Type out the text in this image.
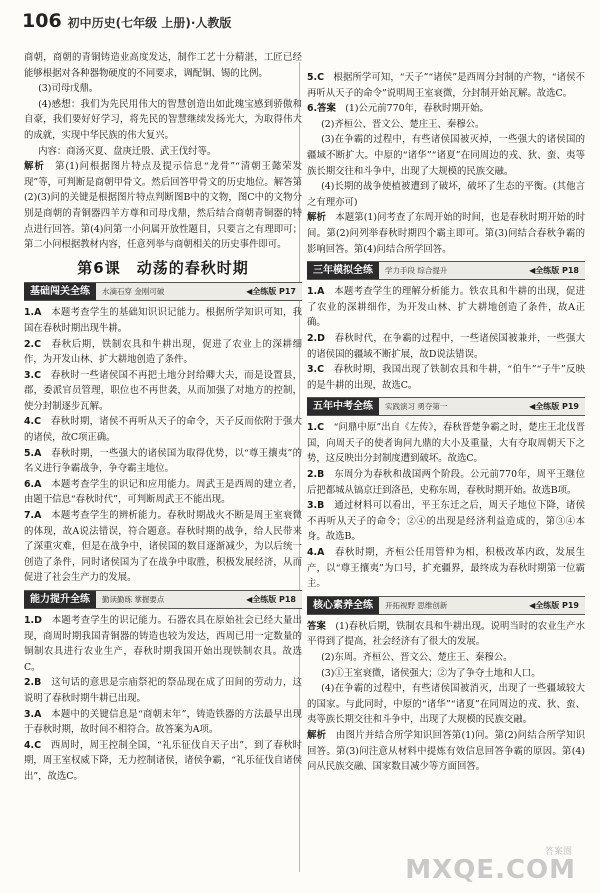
106 初中历史(七年级 上册)·人教版

商朝，商朝的青铜铸造业高度发达，制作工艺十分精湛，工匠已经能够根据对各种器物硬度的不同要求，调配铜、锡的比例。

(3)司母戊鼎。

(4)感想：我们为先民用伟大的智慧创造出如此瑰宝感到骄傲和自豪，我们要好好学习，将先民的智慧继续发扬光大，为取得伟大的成就，实现中华民族的伟大复兴。

内容：商汤灭夏、盘庚迁殷、武王伐纣等。

解析　 第(1)问根据图片特点及提示信息“龙骨”“清朝王懿荣发现”等，可判断是商朝甲骨文。然后回答甲骨文的历史地位。解答第(2)(3)问的关键是根据图片特点判断图B中的文物，图C中的文物分别是商朝的青铜器四羊方尊和司母戊鼎，然后结合商朝青铜器的特点进行回答。第(4)问第一小问属开放性题目，只要言之有理即可；第二小问根据教材内容，任意列举与商朝相关的历史事件即可。

第6课　动荡的春秋时期
基础闯关全练	水滴石穿 金刚可破	◀全练版 P17

1.A　 本题考查学生的基础知识识记能力。根据所学知识可知，我国在春秋时期出现牛耕。

2.C　 春秋后期，铁制农具和牛耕出现，促进了农业上的深耕细作，为开发山林、扩大耕地创造了条件。

3.C　 春秋时一些诸侯国不再把土地分封给卿大夫，而是设置县，郡，委派官员管理，职位也不再世袭，从而加强了对地方的控制，使分封制逐步瓦解。

4.C　 春秋时期，诸侯不再听从天子的命令，天子反而依附于强大的诸侯，故C项正确。

5.A　 春秋时期，一些强大的诸侯国为取得优势，以“尊王攘夷”的名义进行争霸战争，争夺霸主地位。

6.A　 本题考查学生的识记和应用能力。周武王是西周的建立者，由题干信息“春秋时代”，可判断周武王不能出现。

7.A　 本题考查学生的辨析能力。春秋时期战火不断是周王室衰微的体现，故A说法错误，符合题意。春秋时期的战争，给人民带来了深重灾难，但是在战争中，诸侯国的数目逐渐减少，为以后统一创造了条件，同时诸侯国为了在战争中取胜，积极发展经济，从而促进了社会生产力的发展。

能力提升全练	勤读勤练 掌握要点	◀全练版 P18

1.D　 本题考查学生的识记能力。石器农具在原始社会已经大量出现，商周时期我国青铜器的铸造也较为发达，西周已用一定数量的铜制农具进行农业生产，春秋时期我国开始出现铁制农具。故选C。

2.B　 这句话的意思是宗庙祭祀的祭品现在成了田间的劳动力，这说明了春秋时期牛耕已出现。

3.A　 本题中的关键信息是“商朝末年”，铸造铁器的方法最早出现于春秋时期，故时间不相符合。故答案为A项。

4.C　 西周时，周王控制全国，“礼乐征伐自天子出”，到了春秋时期，周王室权威下降，无力控制诸侯，诸侯争霸，“礼乐征伐自诸侯出”，故选C。

5.C　 根据所学可知，“天子”“诸侯”是西周分封制的产物，“诸侯不再听从天子的命令”说明周王室衰微，分封制开始瓦解。故选C。

6.答案　 (1)公元前770年，春秋时期开始。

(2)齐桓公、晋文公、楚庄王、秦穆公。

(3)在争霸的过程中，有些诸侯国被灭掉，一些强大的诸侯国的疆域不断扩大。中原的“诸华”“诸夏”在同周边的戎、狄、蛮、夷等族长期交往和斗争中，出现了大规模的民族交融。

(4)长期的战争使植被遭到了破坏，破坏了生态的平衡。(其他言之有理亦可)

解析　 本题第(1)问考查了东周开始的时间，也是春秋时期开始的时间。第(2)问列举春秋时期四个霸主即可。第(3)问结合春秋争霸的影响回答。第(4)问结合所学回答。

三年模拟全练	学力手段 综合提升	◀全练版 P18

1.A　 本题考查学生的理解分析能力。铁农具和牛耕的出现，促进了农业的深耕细作，为开发山林、扩大耕地创造了条件，故A正确。

2.D　 春秋时代，在争霸的过程中，一些诸侯国被兼并，一些强大的诸侯国的疆域不断扩展，故D说法错误。

3.C　 春秋时期，我国出现了铁制农具和牛耕，“伯牛”“子牛”反映的是牛耕的出现，故选C。

五年中考全练	实践演习 勇夺第一	◀全练版 P19

1.C　 “问鼎中原”出自《左传》，春秋晋楚争霸之时，楚庄王北伐晋国，向周天子的使者询问九鼎的大小及重量，大有夺取周朝天下之势，这反映出分封制度遭到破坏。故选C。

2.B　 东周分为春秋和战国两个阶段。公元前770年，周平王继位后把都城从镐京迁到洛邑，史称东周，春秋时期开始。故选B项。

3.B　 通过材料可以看出，平王东迁之后，周天子地位下降，诸侯不再听从天子的命令；②④的出现是经济利益造成的，第③④本身。故选B。

4.A　 春秋时期，齐桓公任用管仲为相，积极改革内政，发展生产，以“尊王攘夷”为口号，扩充疆界，最终成为春秋时期第一位霸主。

核心素养全练	开拓视野 思维创新	◀全练版 P19

答案　 (1)春秋后期，铁制农具和牛耕出现。说明当时的农业生产水平得到了提高，社会经济有了很大的发展。

(2)东周。齐桓公、晋文公、楚庄王、秦穆公。

(3)①王室衰微，诸侯强大；②为了争夺土地和人口。

(4)在争霸的过程中，有些诸侯国被消灭，出现了一些疆域较大的国家。与此同时，中原的“诸华”“诸夏”在同周边的戎、狄、蛮、夷等族长期交往和斗争中，出现了大规模的民族交融。

解析　 由图片并结合所学知识回答第(1)问。第(2)问结合所学知识回答。第(3)问注意从材料中提炼有效信息回答争霸的原因。第(4)问从民族交融、国家数目减少等方面回答。

答案圈
MXQE.COM
